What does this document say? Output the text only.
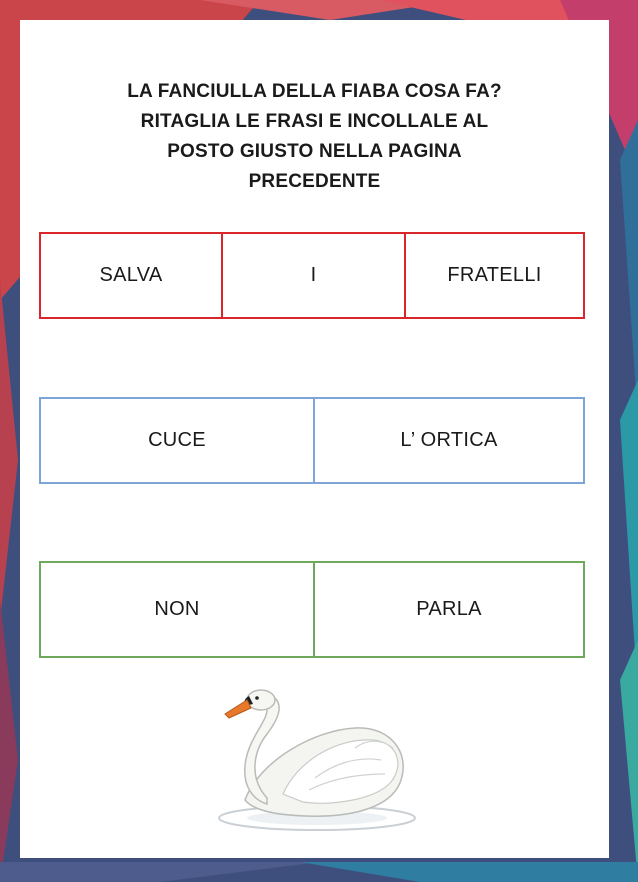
LA FANCIULLA DELLA FIABA COSA FA?
RITAGLIA LE FRASI E INCOLLALE AL
POSTO GIUSTO NELLA PAGINA
PRECEDENTE
SALVA	I	FRATELLI
CUCE	L’ ORTICA
NON	PARLA
